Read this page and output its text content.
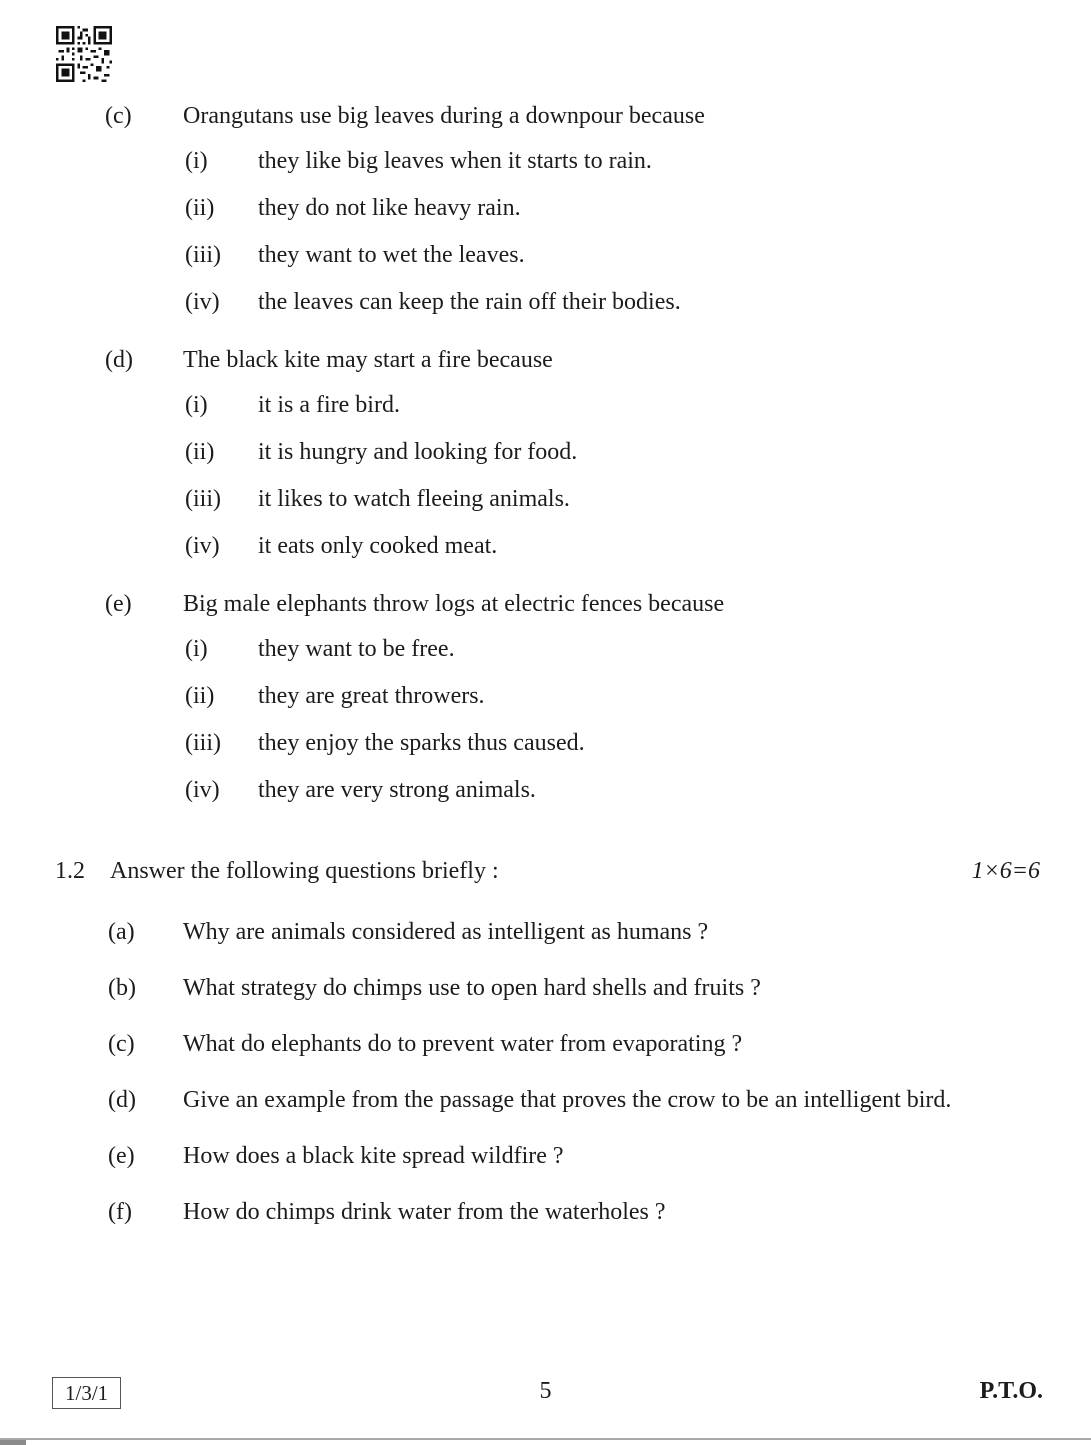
(c)	Orangutans use big leaves during a downpour because
(i)	they like big leaves when it starts to rain.
(ii)	they do not like heavy rain.
(iii)	they want to wet the leaves.
(iv)	the leaves can keep the rain off their bodies.
(d)	The black kite may start a fire because
(i)	it is a fire bird.
(ii)	it is hungry and looking for food.
(iii)	it likes to watch fleeing animals.
(iv)	it eats only cooked meat.
(e)	Big male elephants throw logs at electric fences because
(i)	they want to be free.
(ii)	they are great throwers.
(iii)	they enjoy the sparks thus caused.
(iv)	they are very strong animals.
1.2	Answer the following questions briefly :	1×6=6
(a)	Why are animals considered as intelligent as humans ?
(b)	What strategy do chimps use to open hard shells and fruits ?
(c)	What do elephants do to prevent water from evaporating ?
(d)	Give an example from the passage that proves the crow to be an intelligent bird.
(e)	How does a black kite spread wildfire ?
(f)	How do chimps drink water from the waterholes ?
1/3/1	5	P.T.O.
